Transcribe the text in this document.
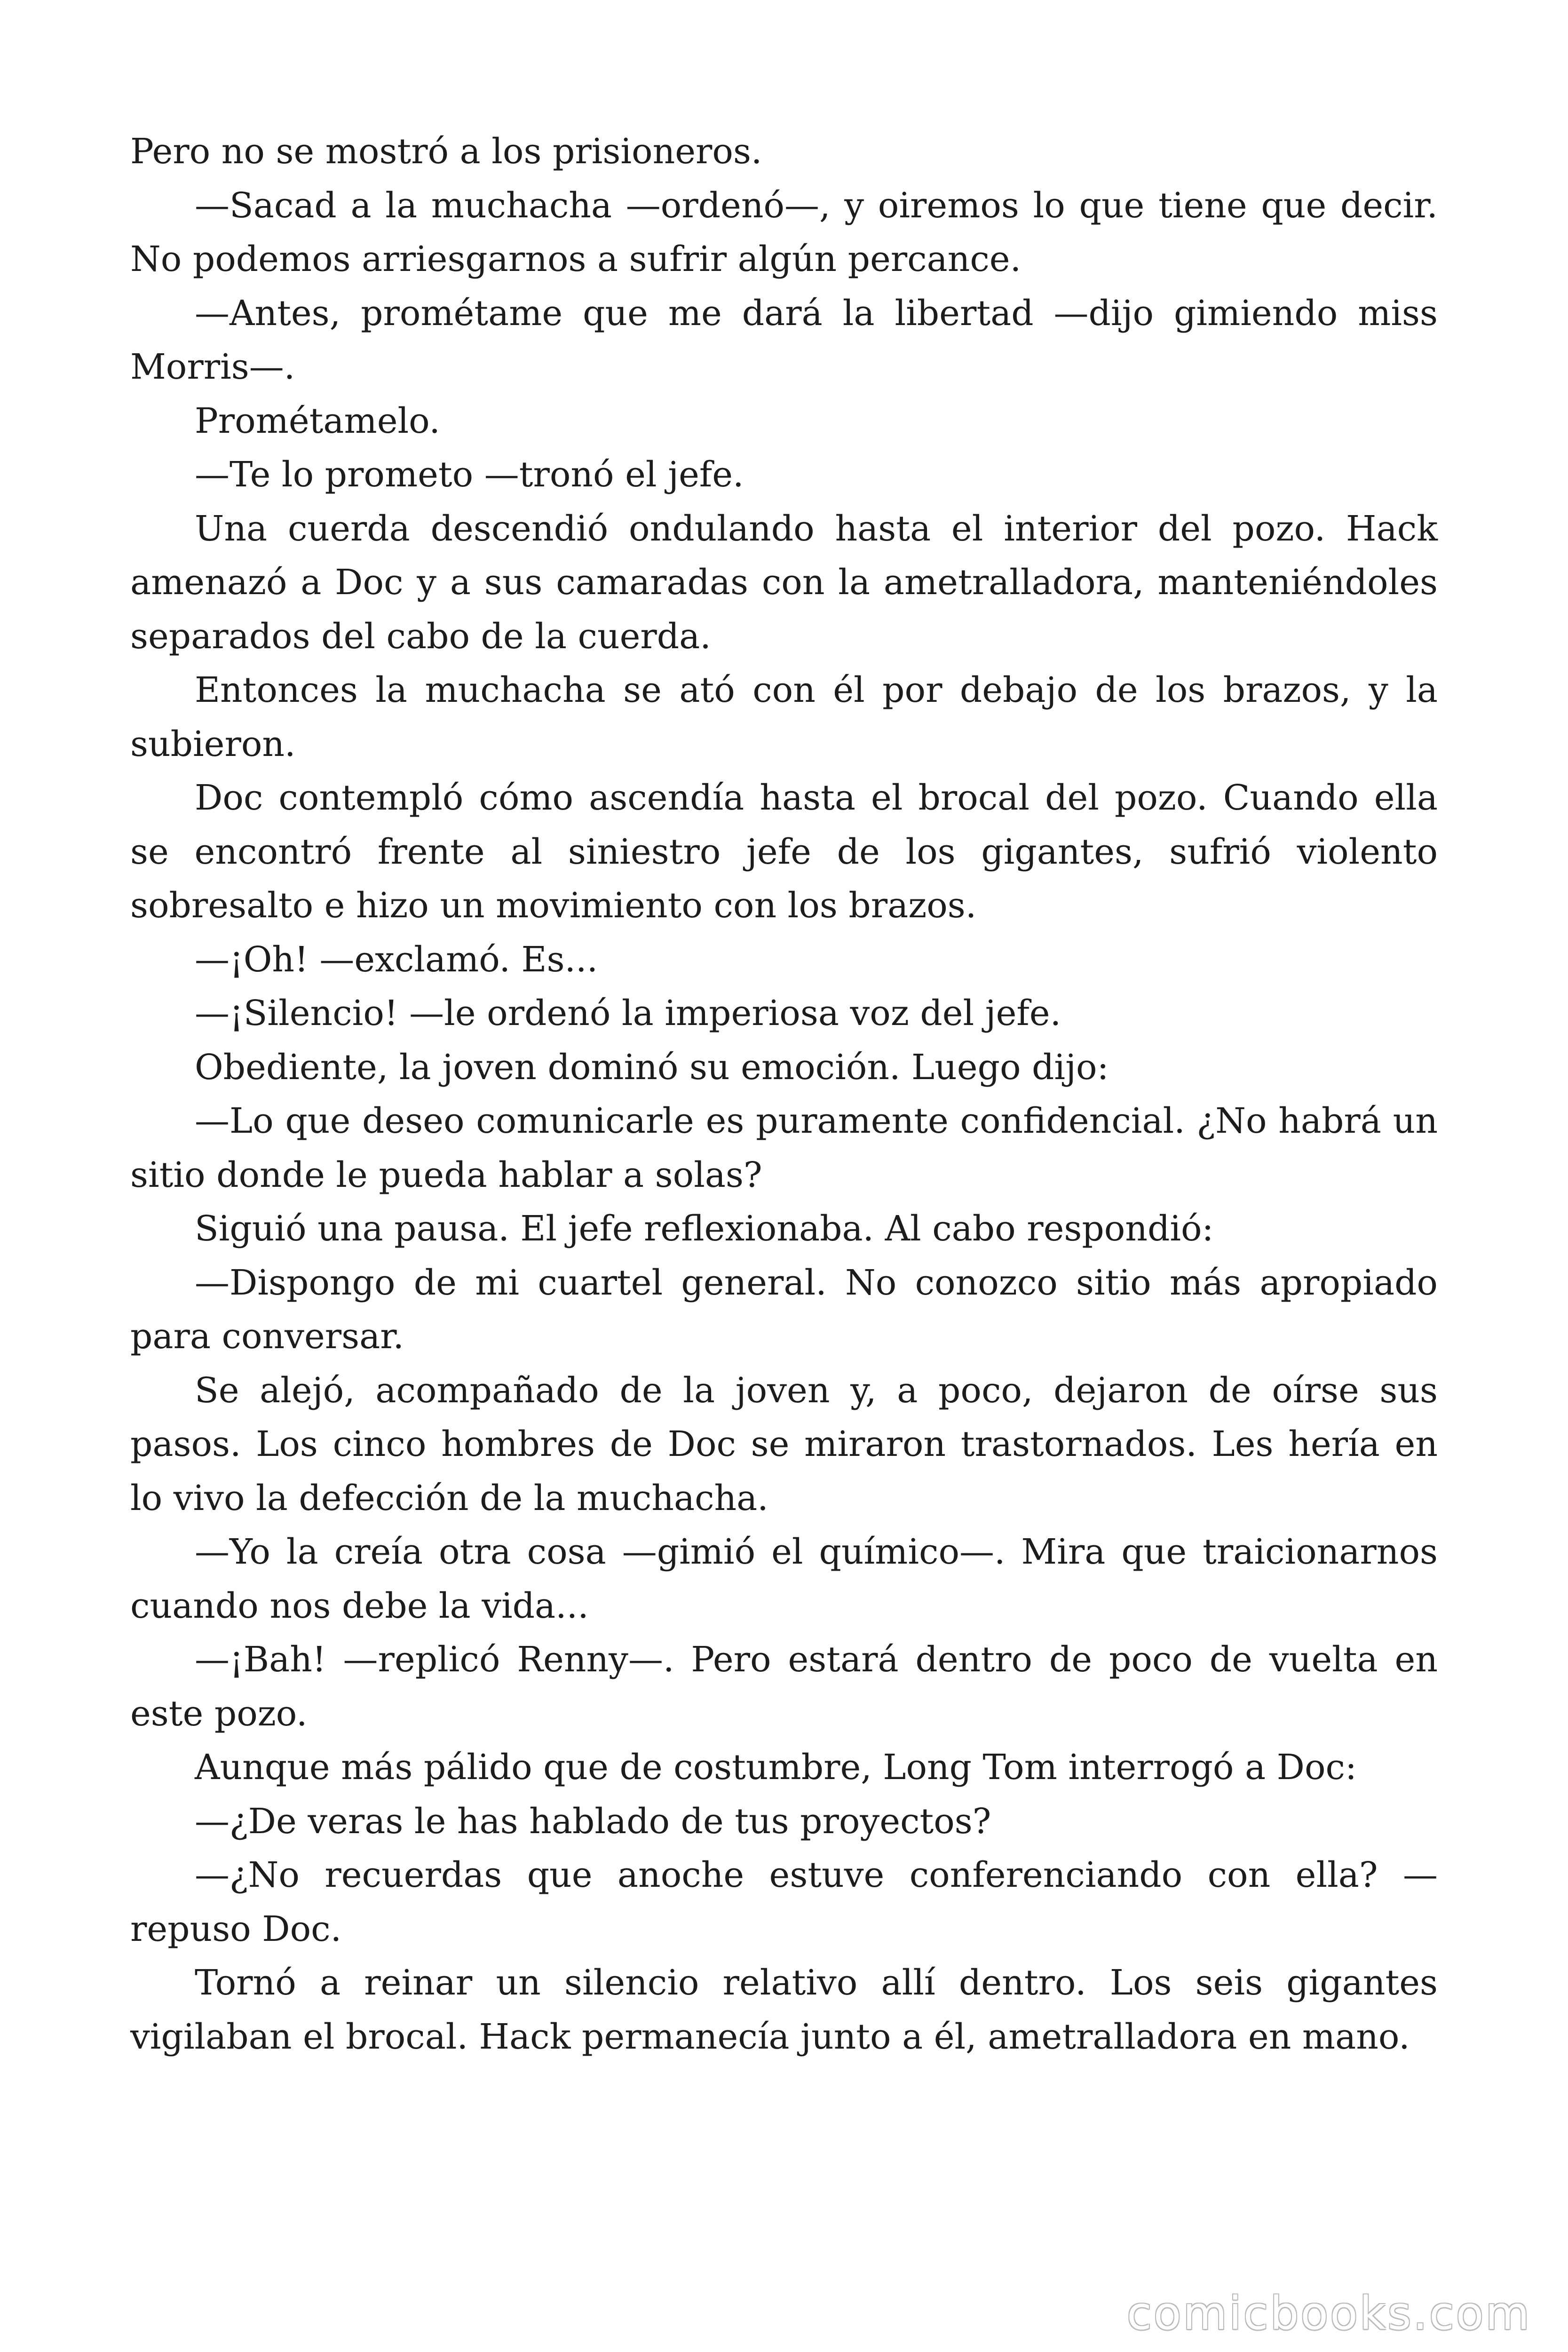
Pero no se mostró a los prisioneros.

—Sacad a la muchacha —ordenó—, y oiremos lo que tiene que decir. No podemos arriesgarnos a sufrir algún percance.

—Antes, prométame que me dará la libertad —dijo gimiendo miss Morris—.

Prométamelo.

—Te lo prometo —tronó el jefe.

Una cuerda descendió ondulando hasta el interior del pozo. Hack amenazó a Doc y a sus camaradas con la ametralladora, manteniéndoles separados del cabo de la cuerda.

Entonces la muchacha se ató con él por debajo de los brazos, y la subieron.

Doc contempló cómo ascendía hasta el brocal del pozo. Cuando ella se encontró frente al siniestro jefe de los gigantes, sufrió violento sobresalto e hizo un movimiento con los brazos.

—¡Oh! —exclamó. Es...

—¡Silencio! —le ordenó la imperiosa voz del jefe.

Obediente, la joven dominó su emoción. Luego dijo:

—Lo que deseo comunicarle es puramente confidencial. ¿No habrá un sitio donde le pueda hablar a solas?

Siguió una pausa. El jefe reflexionaba. Al cabo respondió:

—Dispongo de mi cuartel general. No conozco sitio más apropiado para conversar.

Se alejó, acompañado de la joven y, a poco, dejaron de oírse sus pasos. Los cinco hombres de Doc se miraron trastornados. Les hería en lo vivo la defección de la muchacha.

—Yo la creía otra cosa —gimió el químico—. Mira que traicionarnos cuando nos debe la vida...

—¡Bah! —replicó Renny—. Pero estará dentro de poco de vuelta en este pozo.

Aunque más pálido que de costumbre, Long Tom interrogó a Doc:

—¿De veras le has hablado de tus proyectos?

—¿No recuerdas que anoche estuve conferenciando con ella? — repuso Doc.

Tornó a reinar un silencio relativo allí dentro. Los seis gigantes vigilaban el brocal. Hack permanecía junto a él, ametralladora en mano.

comicbooks.com
